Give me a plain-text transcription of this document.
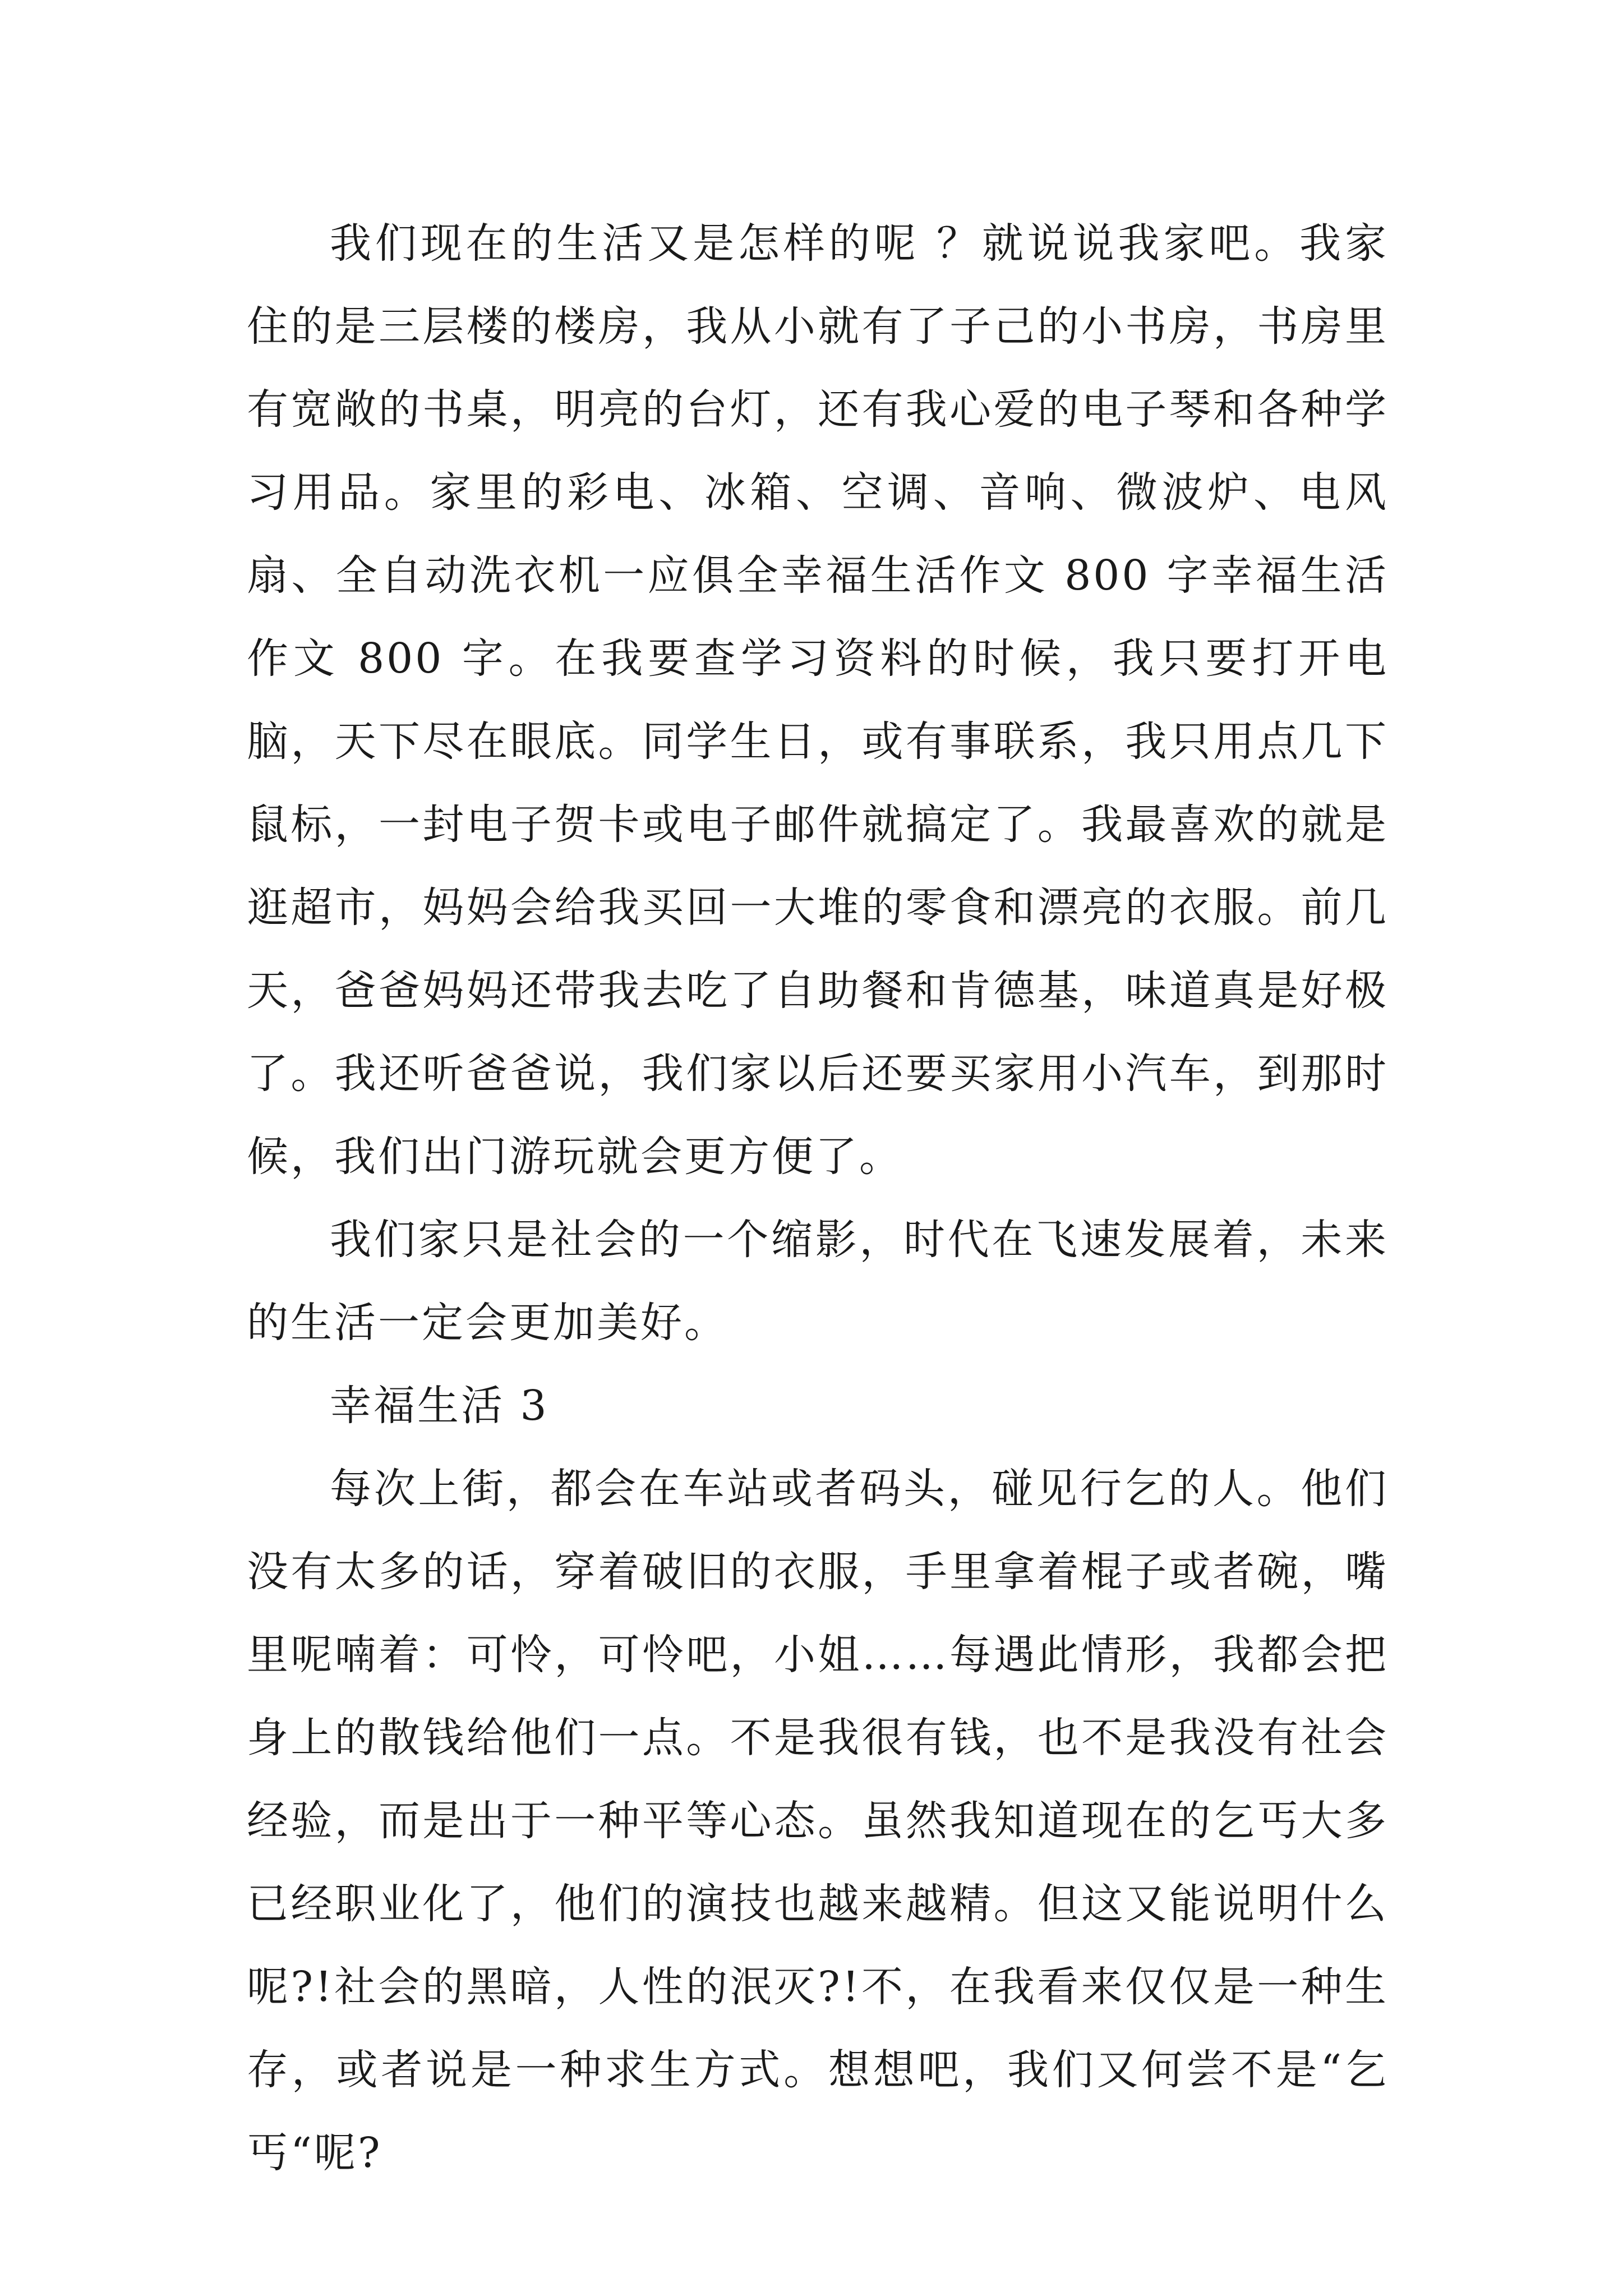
我们现在的生活又是怎样的呢 ？就说说我家吧。我家住的是三层楼的楼房，我从小就有了子己的小书房，书房里有宽敞的书桌，明亮的台灯，还有我心爱的电子琴和各种学习用品。家里的彩电、冰箱、空调、音响、微波炉、电风扇、全自动洗衣机一应俱全幸福生活作文 800 字幸福生活作文 800 字。在我要查学习资料的时候，我只要打开电脑，天下尽在眼底。同学生日，或有事联系，我只用点几下鼠标，一封电子贺卡或电子邮件就搞定了。我最喜欢的就是逛超市，妈妈会给我买回一大堆的零食和漂亮的衣服。前几天，爸爸妈妈还带我去吃了自助餐和肯德基，味道真是好极了。我还听爸爸说，我们家以后还要买家用小汽车，到那时候，我们出门游玩就会更方便了。

我们家只是社会的一个缩影，时代在飞速发展着，未来的生活一定会更加美好。

幸福生活 3

每次上街，都会在车站或者码头，碰见行乞的人。他们没有太多的话，穿着破旧的衣服，手里拿着棍子或者碗，嘴里呢喃着：可怜，可怜吧，小姐……每遇此情形，我都会把身上的散钱给他们一点。不是我很有钱，也不是我没有社会经验，而是出于一种平等心态。虽然我知道现在的乞丐大多已经职业化了，他们的演技也越来越精。但这又能说明什么呢?!社会的黑暗，人性的泯灭?!不，在我看来仅仅是一种生存，或者说是一种求生方式。想想吧，我们又何尝不是“乞丐“呢?
